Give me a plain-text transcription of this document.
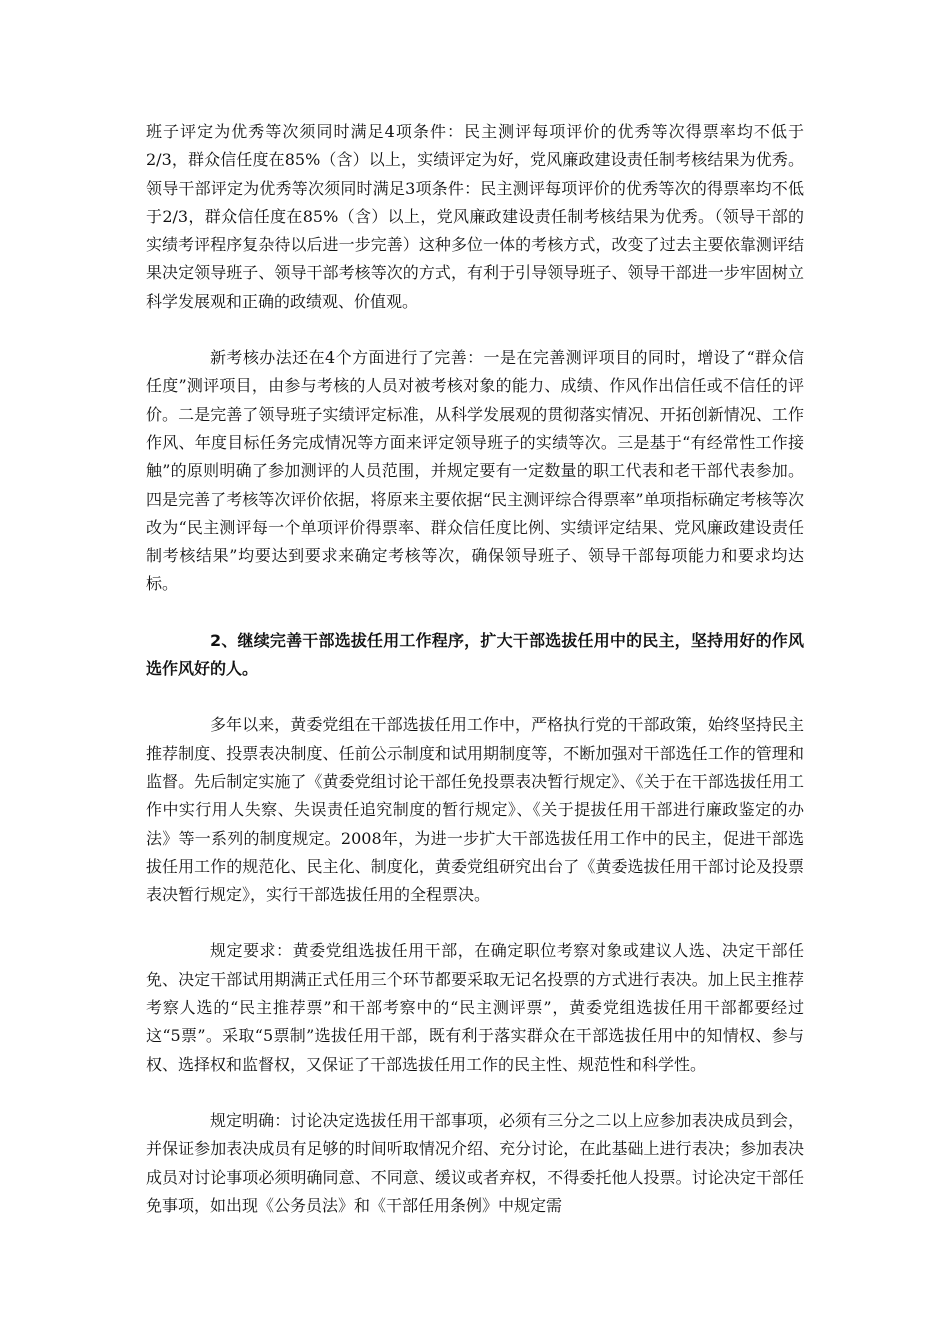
班子评定为优秀等次须同时满足4项条件：民主测评每项评价的优秀等次得票率均不低于2/3，群众信任度在85%（含）以上，实绩评定为好，党风廉政建设责任制考核结果为优秀。领导干部评定为优秀等次须同时满足3项条件：民主测评每项评价的优秀等次的得票率均不低于2/3，群众信任度在85%（含）以上，党风廉政建设责任制考核结果为优秀。（领导干部的实绩考评程序复杂待以后进一步完善）这种多位一体的考核方式，改变了过去主要依靠测评结果决定领导班子、领导干部考核等次的方式，有利于引导领导班子、领导干部进一步牢固树立科学发展观和正确的政绩观、价值观。

新考核办法还在4个方面进行了完善：一是在完善测评项目的同时，增设了“群众信任度”测评项目，由参与考核的人员对被考核对象的能力、成绩、作风作出信任或不信任的评价。二是完善了领导班子实绩评定标准，从科学发展观的贯彻落实情况、开拓创新情况、工作作风、年度目标任务完成情况等方面来评定领导班子的实绩等次。三是基于“有经常性工作接触”的原则明确了参加测评的人员范围，并规定要有一定数量的职工代表和老干部代表参加。四是完善了考核等次评价依据，将原来主要依据“民主测评综合得票率”单项指标确定考核等次改为“民主测评每一个单项评价得票率、群众信任度比例、实绩评定结果、党风廉政建设责任制考核结果”均要达到要求来确定考核等次，确保领导班子、领导干部每项能力和要求均达标。

2、继续完善干部选拔任用工作程序，扩大干部选拔任用中的民主，坚持用好的作风选作风好的人。

多年以来，黄委党组在干部选拔任用工作中，严格执行党的干部政策，始终坚持民主推荐制度、投票表决制度、任前公示制度和试用期制度等，不断加强对干部选任工作的管理和监督。先后制定实施了《黄委党组讨论干部任免投票表决暂行规定》、《关于在干部选拔任用工作中实行用人失察、失误责任追究制度的暂行规定》、《关于提拔任用干部进行廉政鉴定的办法》等一系列的制度规定。2008年，为进一步扩大干部选拔任用工作中的民主，促进干部选拔任用工作的规范化、民主化、制度化，黄委党组研究出台了《黄委选拔任用干部讨论及投票表决暂行规定》，实行干部选拔任用的全程票决。

规定要求：黄委党组选拔任用干部，在确定职位考察对象或建议人选、决定干部任免、决定干部试用期满正式任用三个环节都要采取无记名投票的方式进行表决。加上民主推荐考察人选的“民主推荐票”和干部考察中的“民主测评票”，黄委党组选拔任用干部都要经过这“5票”。采取“5票制”选拔任用干部，既有利于落实群众在干部选拔任用中的知情权、参与权、选择权和监督权，又保证了干部选拔任用工作的民主性、规范性和科学性。

规定明确：讨论决定选拔任用干部事项，必须有三分之二以上应参加表决成员到会，并保证参加表决成员有足够的时间听取情况介绍、充分讨论，在此基础上进行表决；参加表决成员对讨论事项必须明确同意、不同意、缓议或者弃权，不得委托他人投票。讨论决定干部任免事项，如出现《公务员法》和《干部任用条例》中规定需
